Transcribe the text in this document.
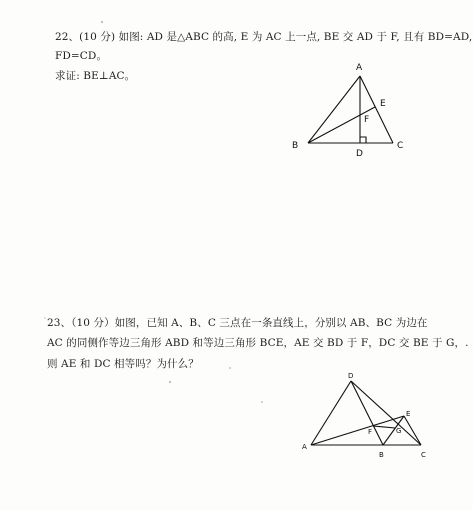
22、(10 分) 如图: AD 是△ABC 的高, E 为 AC 上一点, BE 交 AD 于 F, 且有 BD=AD,
FD=CD。
求证: BE⊥AC。
A
B	C
D
E
F
D
A
B	C
E
F	G
23、（10 分）如图，已知 A、B、C 三点在一条直线上，分别以 AB、BC 为边在
AC 的同侧作等边三角形 ABD 和等边三角形 BCE，AE 交 BD 于 F，DC 交 BE 于 G，.
则 AE 和 DC 相等吗？为什么？
